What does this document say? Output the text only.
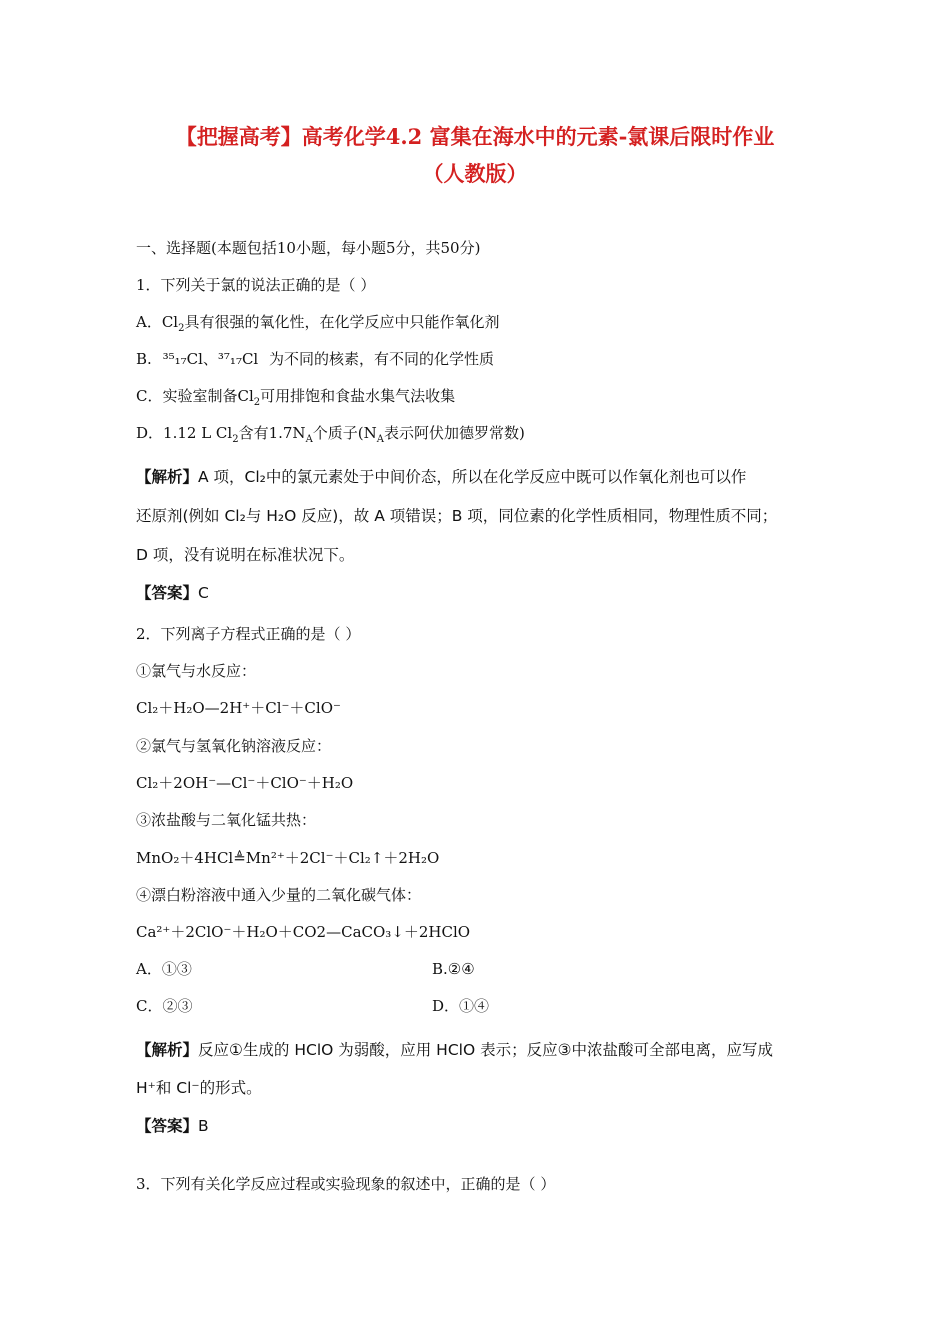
【把握高考】高考化学4.2 富集在海水中的元素-氯课后限时作业
（人教版）
一、选择题(本题包括10小题，每小题5分，共50分)
1．下列关于氯的说法正确的是（ ）
A．$Cl_2$具有很强的氧化性，在化学反应中只能作氧化剂
B. ³⁵₁₇Cl、³⁷₁₇Cl 为不同的核素，有不同的化学性质
C．实验室制备$Cl_2$可用排饱和食盐水集气法收集
D．1.12 L $Cl_2$含有$1.7N_A$个质子($N_A$表示阿伏加德罗常数)
【解析】A 项，Cl₂中的氯元素处于中间价态，所以在化学反应中既可以作氧化剂也可以作
还原剂(例如 Cl₂与 H₂O 反应)，故 A 项错误；B 项，同位素的化学性质相同，物理性质不同；
D 项，没有说明在标准状况下。
【答案】C
2．下列离子方程式正确的是（ ）
①氯气与水反应：
Cl₂＋H₂O—2H⁺＋Cl⁻＋ClO⁻
②氯气与氢氧化钠溶液反应：
Cl₂＋2OH⁻—Cl⁻＋ClO⁻＋H₂O
③浓盐酸与二氧化锰共热：
MnO₂＋4HCl≜Mn²⁺＋2Cl⁻＋Cl₂↑＋2H₂O
④漂白粉溶液中通入少量的二氧化碳气体：
Ca²⁺＋2ClO⁻＋H₂O＋CO2—CaCO₃↓＋2HClO
A．①③	B.②④
C．②③	D．①④
【解析】反应①生成的 HClO 为弱酸，应用 HClO 表示；反应③中浓盐酸可全部电离，应写成
H⁺和 Cl⁻的形式。
【答案】B
3．下列有关化学反应过程或实验现象的叙述中，正确的是（ ）
